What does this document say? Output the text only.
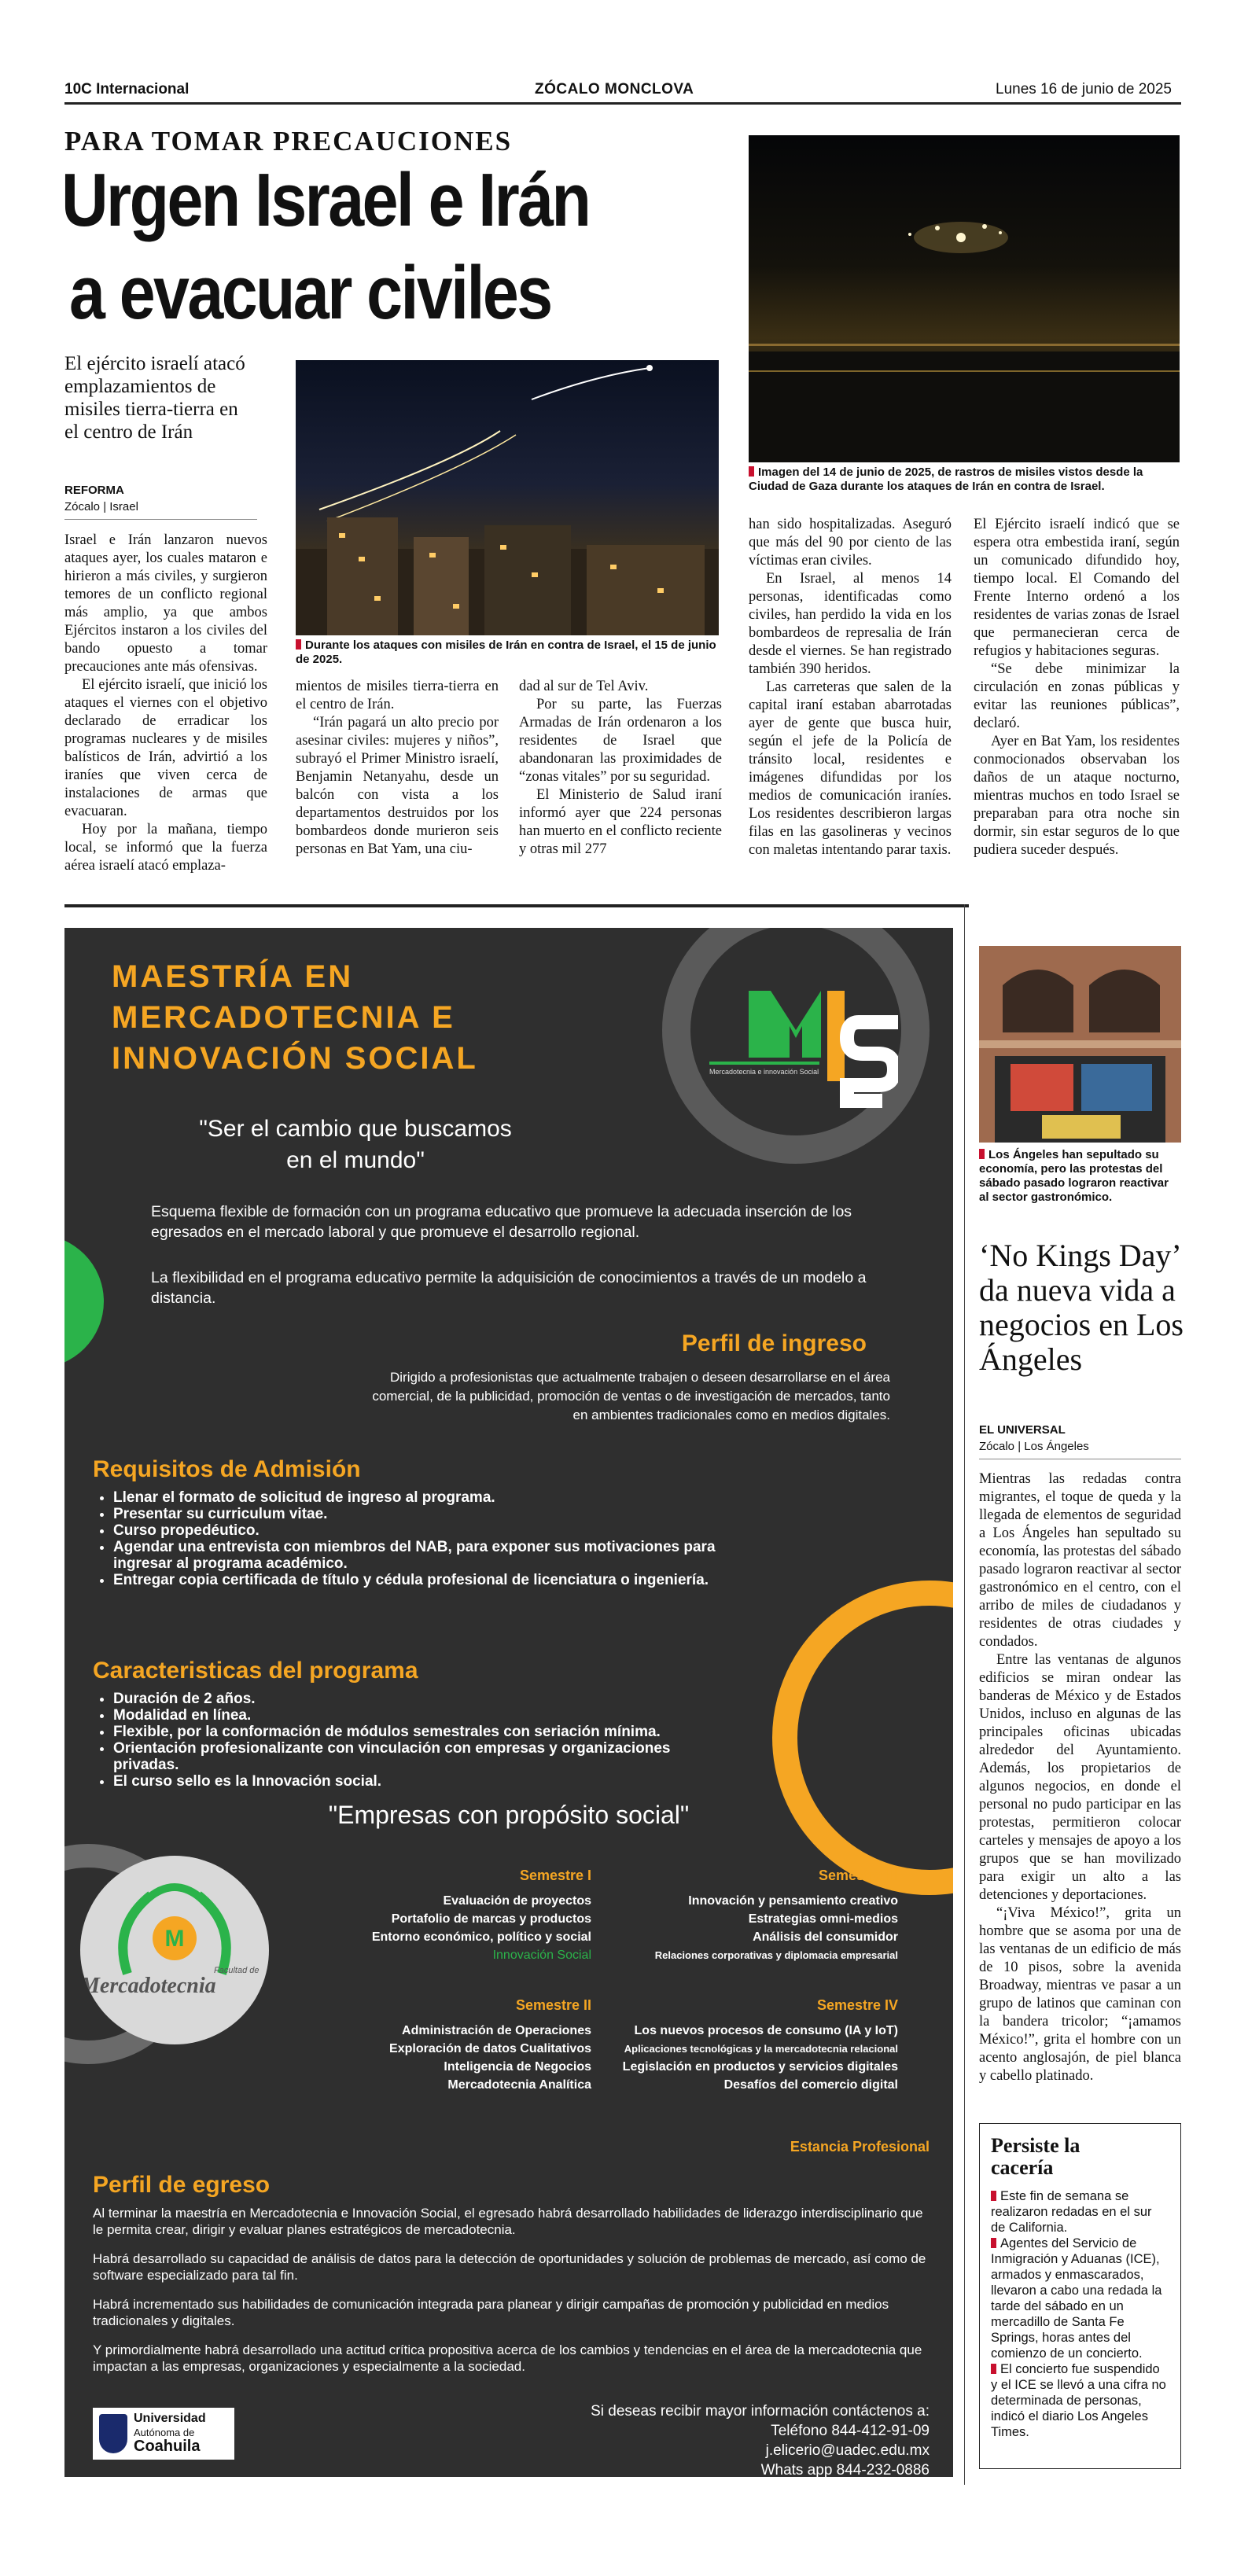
10C Internacional	ZÓCALO MONCLOVA	Lunes 16 de junio de 2025
PARA TOMAR PRECAUCIONES
Urgen Israel e Irán
a evacuar civiles
El ejército israelí atacó emplazamientos de misiles tierra-tierra en el centro de Irán
REFORMA
Zócalo | Israel
Durante los ataques con misiles de Irán en contra de Israel, el 15 de junio de 2025.
Imagen del 14 de junio de 2025, de rastros de misiles vistos desde la Ciudad de Gaza durante los ataques de Irán en contra de Israel.

Israel e Irán lanzaron nuevos ataques ayer, los cuales mataron e hirieron a más civiles, y surgieron temores de un conflicto regional más amplio, ya que ambos Ejércitos instaron a los civiles del bando opuesto a tomar precauciones ante más ofensivas.

El ejército israelí, que inició los ataques el viernes con el objetivo declarado de erradicar los programas nucleares y de misiles balísticos de Irán, advirtió a los iraníes que viven cerca de instalaciones de armas que evacuaran.

Hoy por la mañana, tiempo local, se informó que la fuerza aérea israelí atacó emplaza-

mientos de misiles tierra-tierra en el centro de Irán.

“Irán pagará un alto precio por asesinar civiles: mujeres y niños”, subrayó el Primer Ministro israelí, Benjamin Netanyahu, desde un balcón con vista a los departamentos destruidos por los bombardeos donde murieron seis personas en Bat Yam, una ciu-

dad al sur de Tel Aviv.

Por su parte, las Fuerzas Armadas de Irán ordenaron a los residentes de Israel que abandonaran las proximidades de “zonas vitales” por su seguridad.

El Ministerio de Salud iraní informó ayer que 224 personas han muerto en el conflicto reciente y otras mil 277

han sido hospitalizadas. Aseguró que más del 90 por ciento de las víctimas eran civiles.

En Israel, al menos 14 personas, identificadas como civiles, han perdido la vida en los bombardeos de represalia de Irán desde el viernes. Se han registrado también 390 heridos.

Las carreteras que salen de la capital iraní estaban abarrotadas ayer de gente que busca huir, según el jefe de la Policía de tránsito local, residentes e imágenes difundidas por los medios de comunicación iraníes. Los residentes describieron largas filas en las gasolineras y vecinos con maletas intentando parar taxis.

El Ejército israelí indicó que se espera otra embestida iraní, según un comunicado difundido hoy, tiempo local. El Comando del Frente Interno ordenó a los residentes de varias zonas de Israel que permanecieran cerca de refugios y habitaciones seguras.

“Se debe minimizar la circulación en zonas públicas y evitar las reuniones públicas”, declaró.

Ayer en Bat Yam, los residentes conmocionados observaban los daños de un ataque nocturno, mientras muchos en todo Israel se preparaban para otra noche sin dormir, sin estar seguros de lo que pudiera suceder después.

MAESTRÍA EN
MERCADOTECNIA E
INNOVACIÓN SOCIAL	Mercadotecnia e innovación Social
"Ser el cambio que buscamos
en el mundo"
Esquema flexible de formación con un programa educativo que promueve la adecuada inserción de los egresados en el mercado laboral y que promueve el desarrollo regional.
La flexibilidad en el programa educativo permite la adquisición de conocimientos a través de un modelo a distancia.
Perfil de ingreso
Dirigido a profesionistas que actualmente trabajen o deseen desarrollarse en el área comercial, de la publicidad, promoción de ventas o de investigación de mercados, tanto en ambientes tradicionales como en medios digitales.
Requisitos de Admisión
• Llenar el formato de solicitud de ingreso al programa.
• Presentar su curriculum vitae.
• Curso propedéutico.
• Agendar una entrevista con miembros del NAB, para exponer sus motivaciones para ingresar al programa académico.
• Entregar copia certificada de título y cédula profesional de licenciatura o ingeniería.
Caracteristicas del programa
• Duración de 2 años.
• Modalidad en línea.
• Flexible, por la conformación de módulos semestrales con seriación mínima.
• Orientación profesionalizante con vinculación con empresas y organizaciones privadas.
• El curso sello es la Innovación social.
"Empresas con propósito social"
M
Facultad de
Mercadotecnia
Semestre I
Evaluación de proyectos
Portafolio de marcas y productos
Entorno económico, político y social
Innovación Social
Semestre II
Administración de Operaciones
Exploración de datos Cualitativos
Inteligencia de Negocios
Mercadotecnia Analítica
Semestre III
Innovación y pensamiento creativo
Estrategias omni-medios
Análisis del consumidor
Relaciones corporativas y diplomacia empresarial
Semestre IV
Los nuevos procesos de consumo (IA y IoT)
Aplicaciones tecnológicas y la mercadotecnia relacional
Legislación en productos y servicios digitales
Desafíos del comercio digital
Estancia Profesional
Perfil de egreso
Al terminar la maestría en Mercadotecnia e Innovación Social, el egresado habrá desarrollado habilidades de liderazgo interdisciplinario que le permita crear, dirigir y evaluar planes estratégicos de mercadotecnia.
Habrá desarrollado su capacidad de análisis de datos para la detección de oportunidades y solución de problemas de mercado, así como de software especializado para tal fin.
Habrá incrementado sus habilidades de comunicación integrada para planear y dirigir campañas de promoción y publicidad en medios tradicionales y digitales.
Y primordialmente habrá desarrollado una actitud crítica propositiva acerca de los cambios y tendencias en el área de la mercadotecnia que impactan a las empresas, organizaciones y especialmente a la sociedad.
Universidad
Autónoma de
Coahuila
Si deseas recibir mayor información contáctenos a:
Teléfono 844-412-91-09
j.elicerio@uadec.edu.mx
Whats app 844-232-0886
Los Ángeles han sepultado su economía, pero las protestas del sábado pasado lograron reactivar al sector gastronómico.
‘No Kings Day’ da nueva vida a negocios en Los Ángeles
EL UNIVERSAL
Zócalo | Los Ángeles

Mientras las redadas contra migrantes, el toque de queda y la llegada de elementos de seguridad a Los Ángeles han sepultado su economía, las protestas del sábado pasado lograron reactivar al sector gastronómico en el centro, con el arribo de miles de ciudadanos y residentes de otras ciudades y condados.

Entre las ventanas de algunos edificios se miran ondear las banderas de México y de Estados Unidos, incluso en algunas de las principales oficinas ubicadas alrededor del Ayuntamiento. Además, los propietarios de algunos negocios, en donde el personal no pudo participar en las protestas, permitieron colocar carteles y mensajes de apoyo a los grupos que se han movilizado para exigir un alto a las detenciones y deportaciones.

“¡Viva México!”, grita un hombre que se asoma por una de las ventanas de un edificio de más de 10 pisos, sobre la avenida Broadway, mientras ve pasar a un grupo de latinos que caminan con la bandera tricolor; “¡amamos México!”, grita el hombre con un acento anglosajón, de piel blanca y cabello platinado.

Persiste la
cacería
Este fin de semana se realizaron redadas en el sur de California.
Agentes del Servicio de Inmigración y Aduanas (ICE), armados y enmascarados, llevaron a cabo una redada la tarde del sábado en un mercadillo de Santa Fe Springs, horas antes del comienzo de un concierto.
El concierto fue suspendido y el ICE se llevó a una cifra no determinada de personas, indicó el diario Los Angeles Times.
